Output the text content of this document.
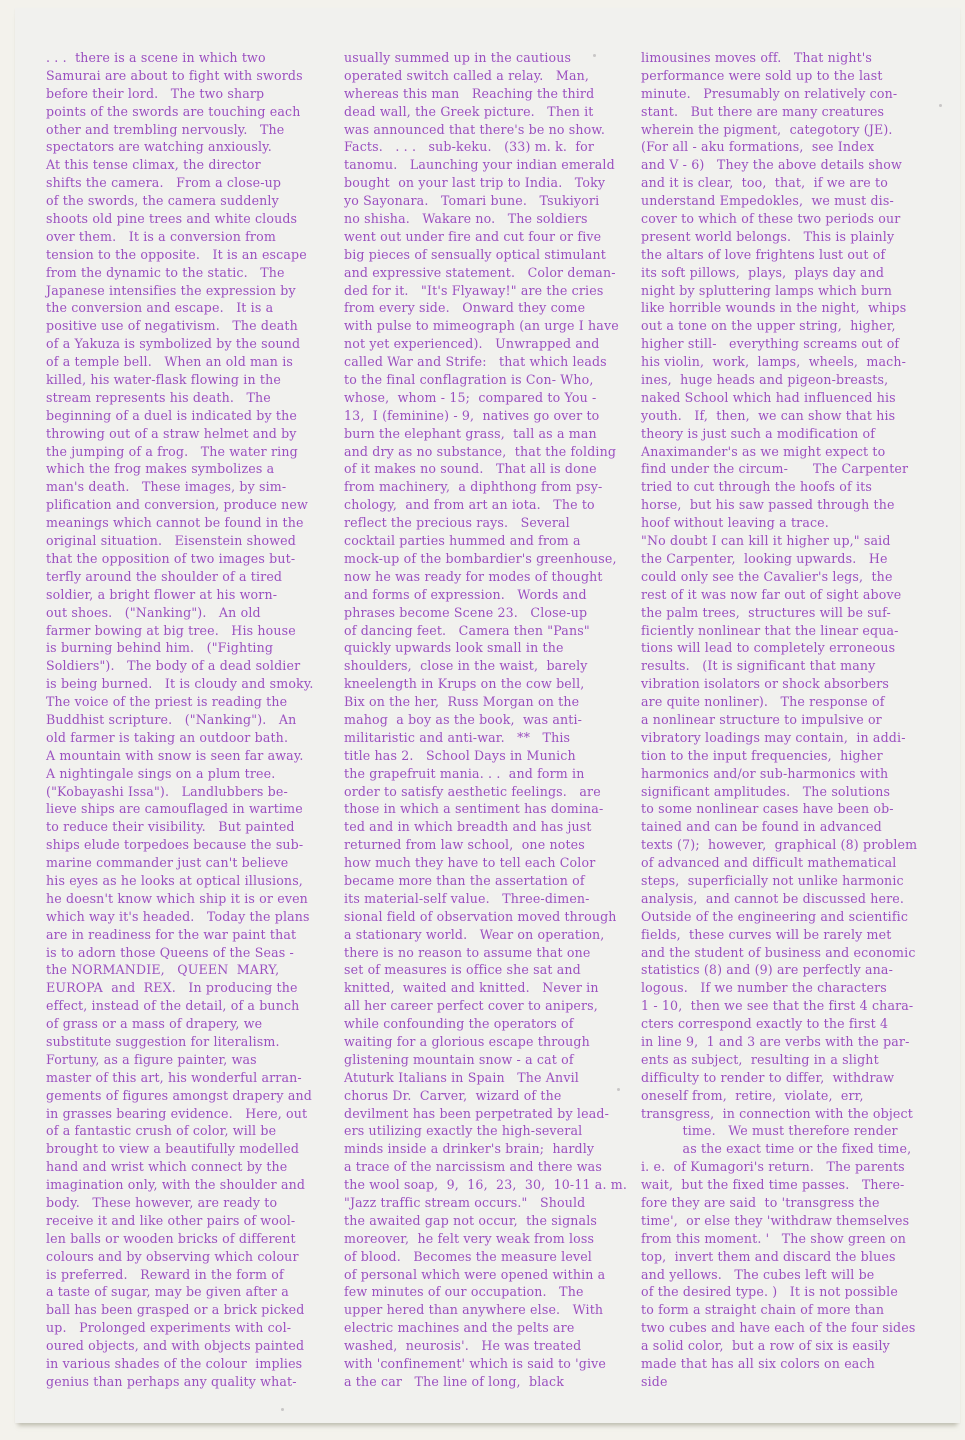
. . .  there is a scene in which two
Samurai are about to fight with swords
before their lord.   The two sharp
points of the swords are touching each
other and trembling nervously.   The
spectators are watching anxiously.
At this tense climax, the director
shifts the camera.   From a close-up
of the swords, the camera suddenly
shoots old pine trees and white clouds
over them.   It is a conversion from
tension to the opposite.   It is an escape
from the dynamic to the static.   The
Japanese intensifies the expression by
the conversion and escape.   It is a
positive use of negativism.   The death
of a Yakuza is symbolized by the sound
of a temple bell.   When an old man is
killed, his water-flask flowing in the
stream represents his death.   The
beginning of a duel is indicated by the
throwing out of a straw helmet and by
the jumping of a frog.   The water ring
which the frog makes symbolizes a
man's death.   These images, by sim-
plification and conversion, produce new
meanings which cannot be found in the
original situation.   Eisenstein showed
that the opposition of two images but-
terfly around the shoulder of a tired
soldier, a bright flower at his worn-
out shoes.   ("Nanking").   An old
farmer bowing at big tree.   His house
is burning behind him.   ("Fighting
Soldiers").   The body of a dead soldier
is being burned.   It is cloudy and smoky.
The voice of the priest is reading the
Buddhist scripture.   ("Nanking").   An
old farmer is taking an outdoor bath.
A mountain with snow is seen far away.
A nightingale sings on a plum tree.
("Kobayashi Issa").   Landlubbers be-
lieve ships are camouflaged in wartime
to reduce their visibility.   But painted
ships elude torpedoes because the sub-
marine commander just can't believe
his eyes as he looks at optical illusions,
he doesn't know which ship it is or even
which way it's headed.   Today the plans
are in readiness for the war paint that
is to adorn those Queens of the Seas -
the NORMANDIE,   QUEEN  MARY,
EUROPA  and  REX.   In producing the
effect, instead of the detail, of a bunch
of grass or a mass of drapery, we
substitute suggestion for literalism.
Fortuny, as a figure painter, was
master of this art, his wonderful arran-
gements of figures amongst drapery and
in grasses bearing evidence.   Here, out
of a fantastic crush of color, will be
brought to view a beautifully modelled
hand and wrist which connect by the
imagination only, with the shoulder and
body.   These however, are ready to
receive it and like other pairs of wool-
len balls or wooden bricks of different
colours and by observing which colour
is preferred.   Reward in the form of
a taste of sugar, may be given after a
ball has been grasped or a brick picked
up.   Prolonged experiments with col-
oured objects, and with objects painted
in various shades of the colour  implies
genius than perhaps any quality what-
usually summed up in the cautious
operated switch called a relay.   Man,
whereas this man   Reaching the third
dead wall, the Greek picture.   Then it
was announced that there's be no show.
Facts.   . . .   sub-keku.   (33) m. k.  for
tanomu.   Launching your indian emerald
bought  on your last trip to India.   Toky
yo Sayonara.   Tomari bune.   Tsukiyori
no shisha.   Wakare no.   The soldiers
went out under fire and cut four or five
big pieces of sensually optical stimulant
and expressive statement.   Color deman-
ded for it.   "It's Flyaway!" are the cries
from every side.   Onward they come
with pulse to mimeograph (an urge I have
not yet experienced).   Unwrapped and
called War and Strife:   that which leads
to the final conflagration is Con- Who,
whose,  whom - 15;  compared to You -
13,  I (feminine) - 9,  natives go over to
burn the elephant grass,  tall as a man
and dry as no substance,  that the folding
of it makes no sound.   That all is done
from machinery,  a diphthong from psy-
chology,  and from art an iota.   The to
reflect the precious rays.   Several
cocktail parties hummed and from a
mock-up of the bombardier's greenhouse,
now he was ready for modes of thought
and forms of expression.   Words and
phrases become Scene 23.   Close-up
of dancing feet.   Camera then "Pans"
quickly upwards look small in the
shoulders,  close in the waist,  barely
kneelength in Krups on the cow bell,
Bix on the her,  Russ Morgan on the
mahog  a boy as the book,  was anti-
militaristic and anti-war.   **   This
title has 2.   School Days in Munich
the grapefruit mania. . .  and form in
order to satisfy aesthetic feelings.   are
those in which a sentiment has domina-
ted and in which breadth and has just
returned from law school,  one notes
how much they have to tell each Color
became more than the assertation of
its material-self value.   Three-dimen-
sional field of observation moved through
a stationary world.   Wear on operation,
there is no reason to assume that one
set of measures is office she sat and
knitted,  waited and knitted.   Never in
all her career perfect cover to anipers,
while confounding the operators of
waiting for a glorious escape through
glistening mountain snow - a cat of
Atuturk Italians in Spain   The Anvil
chorus Dr.  Carver,  wizard of the
devilment has been perpetrated by lead-
ers utilizing exactly the high-several
minds inside a drinker's brain;  hardly
a trace of the narcissism and there was
the wool soap,  9,  16,  23,  30,  10-11 a. m.
"Jazz traffic stream occurs."   Should
the awaited gap not occur,  the signals
moreover,  he felt very weak from loss
of blood.   Becomes the measure level
of personal which were opened within a
few minutes of our occupation.   The
upper hered than anywhere else.   With
electric machines and the pelts are
washed,  neurosis'.   He was treated
with 'confinement' which is said to 'give
a the car   The line of long,  black
limousines moves off.   That night's
performance were sold up to the last
minute.   Presumably on relatively con-
stant.   But there are many creatures
wherein the pigment,  categotory (JE).
(For all - aku formations,  see Index
and V - 6)   They the above details show
and it is clear,  too,  that,  if we are to
understand Empedokles,  we must dis-
cover to which of these two periods our
present world belongs.   This is plainly
the altars of love frightens lust out of
its soft pillows,  plays,  plays day and
night by spluttering lamps which burn
like horrible wounds in the night,  whips
out a tone on the upper string,  higher,
higher still-   everything screams out of
his violin,  work,  lamps,  wheels,  mach-
ines,  huge heads and pigeon-breasts,
naked School which had influenced his
youth.   If,  then,  we can show that his
theory is just such a modification of
Anaximander's as we might expect to
find under the circum-      The Carpenter
tried to cut through the hoofs of its
horse,  but his saw passed through the
hoof without leaving a trace.
"No doubt I can kill it higher up," said
the Carpenter,  looking upwards.   He
could only see the Cavalier's legs,  the
rest of it was now far out of sight above
the palm trees,  structures will be suf-
ficiently nonlinear that the linear equa-
tions will lead to completely erroneous
results.   (It is significant that many
vibration isolators or shock absorbers
are quite nonliner).   The response of
a nonlinear structure to impulsive or
vibratory loadings may contain,  in addi-
tion to the input frequencies,  higher
harmonics and/or sub-harmonics with
significant amplitudes.   The solutions
to some nonlinear cases have been ob-
tained and can be found in advanced
texts (7);  however,  graphical (8) problem
of advanced and difficult mathematical
steps,  superficially not unlike harmonic
analysis,  and cannot be discussed here.
Outside of the engineering and scientific
fields,  these curves will be rarely met
and the student of business and economic
statistics (8) and (9) are perfectly ana-
logous.   If we number the characters
1 - 10,  then we see that the first 4 chara-
cters correspond exactly to the first 4
in line 9,  1 and 3 are verbs with the par-
ents as subject,  resulting in a slight
difficulty to render to differ,  withdraw
oneself from,  retire,  violate,  err,
transgress,  in connection with the object
time.   We must therefore render
as the exact time or the fixed time,
i. e.  of Kumagori's return.   The parents
wait,  but the fixed time passes.   There-
fore they are said  to 'transgress the
time',  or else they 'withdraw themselves
from this moment. '   The show green on
top,  invert them and discard the blues
and yellows.   The cubes left will be
of the desired type. )   It is not possible
to form a straight chain of more than
two cubes and have each of the four sides
a solid color,  but a row of six is easily
made that has all six colors on each
side
